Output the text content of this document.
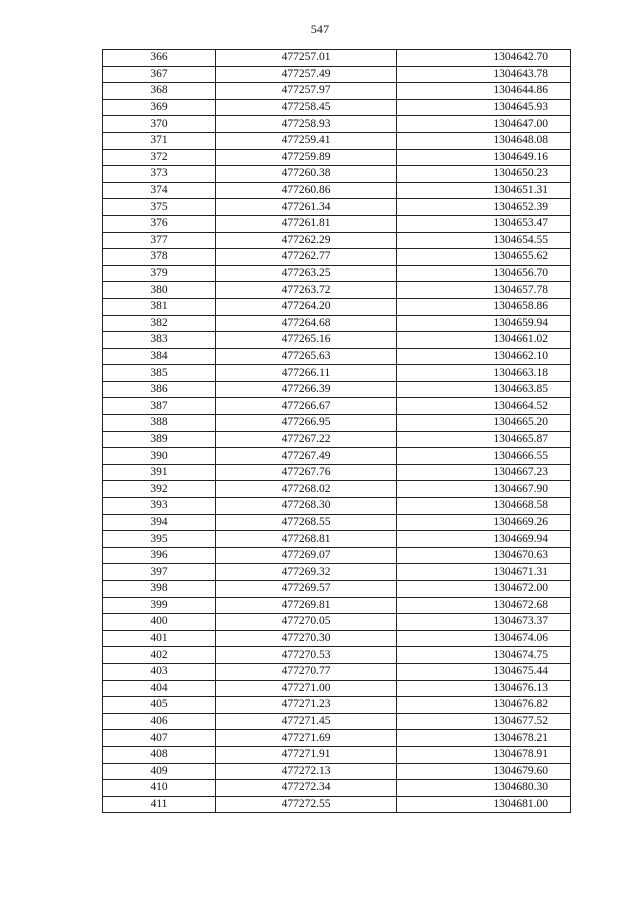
547
366	477257.01	1304642.70
367	477257.49	1304643.78
368	477257.97	1304644.86
369	477258.45	1304645.93
370	477258.93	1304647.00
371	477259.41	1304648.08
372	477259.89	1304649.16
373	477260.38	1304650.23
374	477260.86	1304651.31
375	477261.34	1304652.39
376	477261.81	1304653.47
377	477262.29	1304654.55
378	477262.77	1304655.62
379	477263.25	1304656.70
380	477263.72	1304657.78
381	477264.20	1304658.86
382	477264.68	1304659.94
383	477265.16	1304661.02
384	477265.63	1304662.10
385	477266.11	1304663.18
386	477266.39	1304663.85
387	477266.67	1304664.52
388	477266.95	1304665.20
389	477267.22	1304665.87
390	477267.49	1304666.55
391	477267.76	1304667.23
392	477268.02	1304667.90
393	477268.30	1304668.58
394	477268.55	1304669.26
395	477268.81	1304669.94
396	477269.07	1304670.63
397	477269.32	1304671.31
398	477269.57	1304672.00
399	477269.81	1304672.68
400	477270.05	1304673.37
401	477270.30	1304674.06
402	477270.53	1304674.75
403	477270.77	1304675.44
404	477271.00	1304676.13
405	477271.23	1304676.82
406	477271.45	1304677.52
407	477271.69	1304678.21
408	477271.91	1304678.91
409	477272.13	1304679.60
410	477272.34	1304680.30
411	477272.55	1304681.00
